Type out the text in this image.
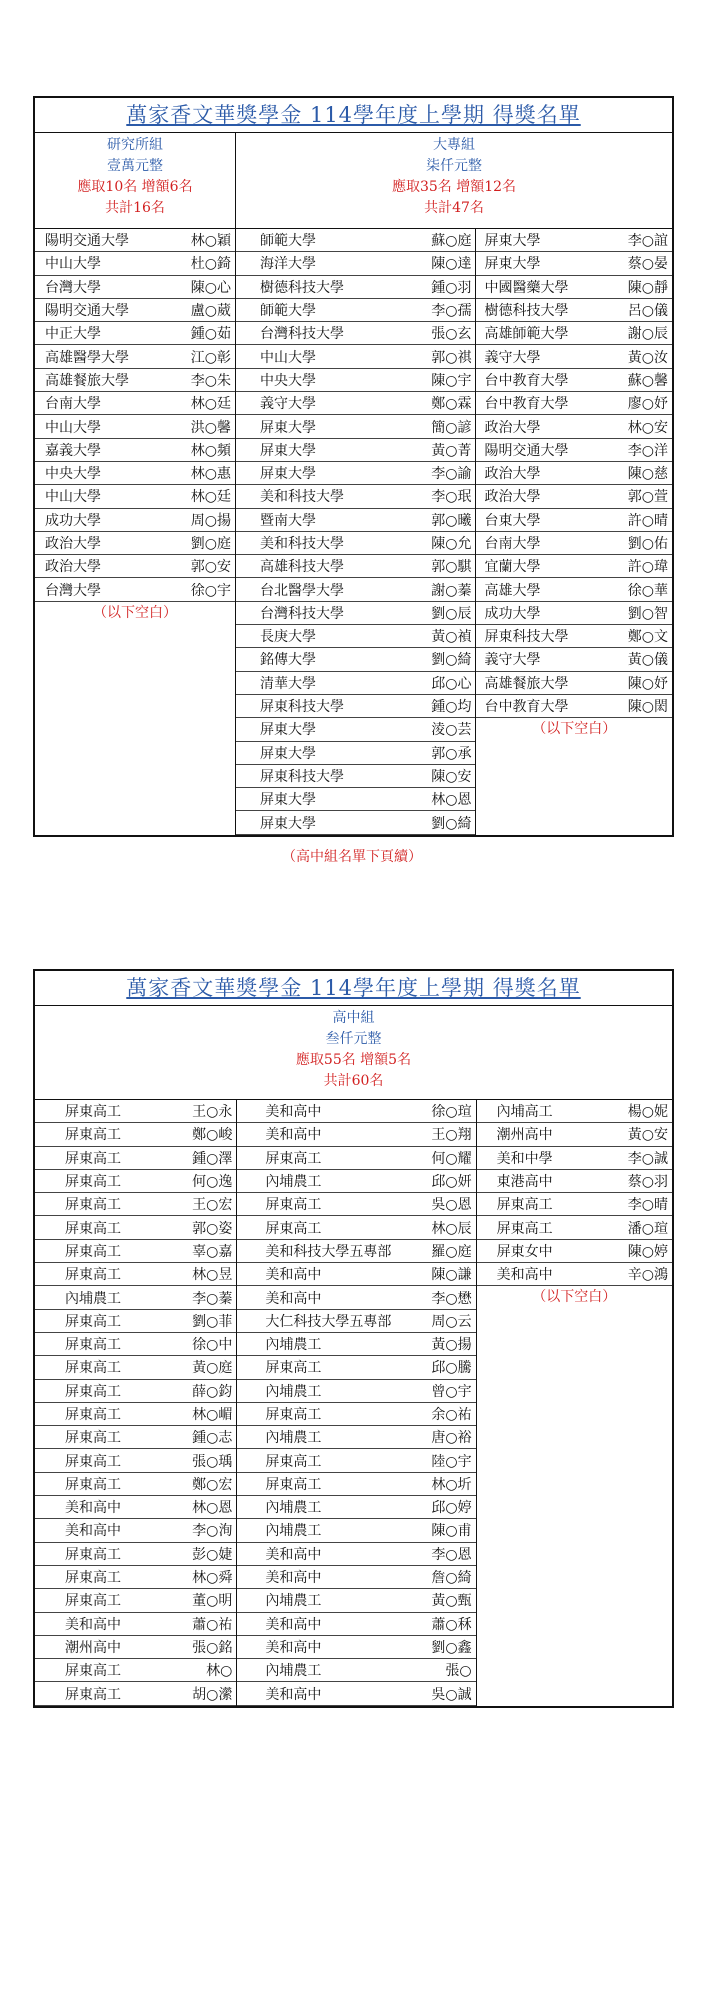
萬家香文華獎學金 114學年度上學期 得獎名單
研究所組
壹萬元整
應取10名 增額6名
共計16名
陽明交通大學	林○穎
中山大學	杜○錡
台灣大學	陳○心
陽明交通大學	盧○葳
中正大學	鍾○茹
高雄醫學大學	江○彰
高雄餐旅大學	李○朱
台南大學	林○廷
中山大學	洪○馨
嘉義大學	林○頻
中央大學	林○惠
中山大學	林○廷
成功大學	周○揚
政治大學	劉○庭
政治大學	郭○安
台灣大學	徐○宇
（以下空白）
大專組
柒仟元整
應取35名 增額12名
共計47名
師範大學	蘇○庭
海洋大學	陳○達
樹德科技大學	鍾○羽
師範大學	李○孺
台灣科技大學	張○玄
中山大學	郭○祺
中央大學	陳○宇
義守大學	鄭○霖
屏東大學	簡○諺
屏東大學	黃○菁
屏東大學	李○諭
美和科技大學	李○珉
暨南大學	郭○曦
美和科技大學	陳○允
高雄科技大學	郭○騏
台北醫學大學	謝○蓁
台灣科技大學	劉○辰
長庚大學	黃○禎
銘傳大學	劉○綺
清華大學	邱○心
屏東科技大學	鍾○均
屏東大學	淩○芸
屏東大學	郭○承
屏東科技大學	陳○安
屏東大學	林○恩
屏東大學	劉○綺
屏東大學	李○誼
屏東大學	蔡○晏
中國醫藥大學	陳○靜
樹德科技大學	呂○儀
高雄師範大學	謝○辰
義守大學	黃○汝
台中教育大學	蘇○馨
台中教育大學	廖○妤
政治大學	林○安
陽明交通大學	李○洋
政治大學	陳○慈
政治大學	郭○萱
台東大學	許○晴
台南大學	劉○佑
宜蘭大學	許○瑋
高雄大學	徐○華
成功大學	劉○智
屏東科技大學	鄭○文
義守大學	黃○儀
高雄餐旅大學	陳○妤
台中教育大學	陳○閎
（以下空白）
（高中組名單下頁續）
萬家香文華獎學金 114學年度上學期 得獎名單
高中組
叁仟元整
應取55名 增額5名
共計60名
屏東高工	王○永
屏東高工	鄭○峻
屏東高工	鍾○澤
屏東高工	何○逸
屏東高工	王○宏
屏東高工	郭○姿
屏東高工	辜○嘉
屏東高工	林○昱
內埔農工	李○蓁
屏東高工	劉○菲
屏東高工	徐○中
屏東高工	黃○庭
屏東高工	薛○鈞
屏東高工	林○嵋
屏東高工	鍾○志
屏東高工	張○瑀
屏東高工	鄭○宏
美和高中	林○恩
美和高中	李○洵
屏東高工	彭○婕
屏東高工	林○舜
屏東高工	董○明
美和高中	蕭○祐
潮州高中	張○銘
屏東高工	林○
屏東高工	胡○瀠
美和高中	徐○瑄
美和高中	王○翔
屏東高工	何○耀
內埔農工	邱○妍
屏東高工	吳○恩
屏東高工	林○辰
美和科技大學五專部	羅○庭
美和高中	陳○謙
美和高中	李○懋
大仁科技大學五專部	周○云
內埔農工	黃○揚
屏東高工	邱○騰
內埔農工	曾○宇
屏東高工	余○祐
內埔農工	唐○裕
屏東高工	陸○宇
屏東高工	林○圻
內埔農工	邱○婷
內埔農工	陳○甫
美和高中	李○恩
美和高中	詹○綺
內埔農工	黃○甄
美和高中	蕭○秝
美和高中	劉○鑫
內埔農工	張○
美和高中	吳○誠
內埔高工	楊○妮
潮州高中	黃○安
美和中學	李○誠
東港高中	蔡○羽
屏東高工	李○晴
屏東高工	潘○瑄
屏東女中	陳○婷
美和高中	辛○鴻
（以下空白）
